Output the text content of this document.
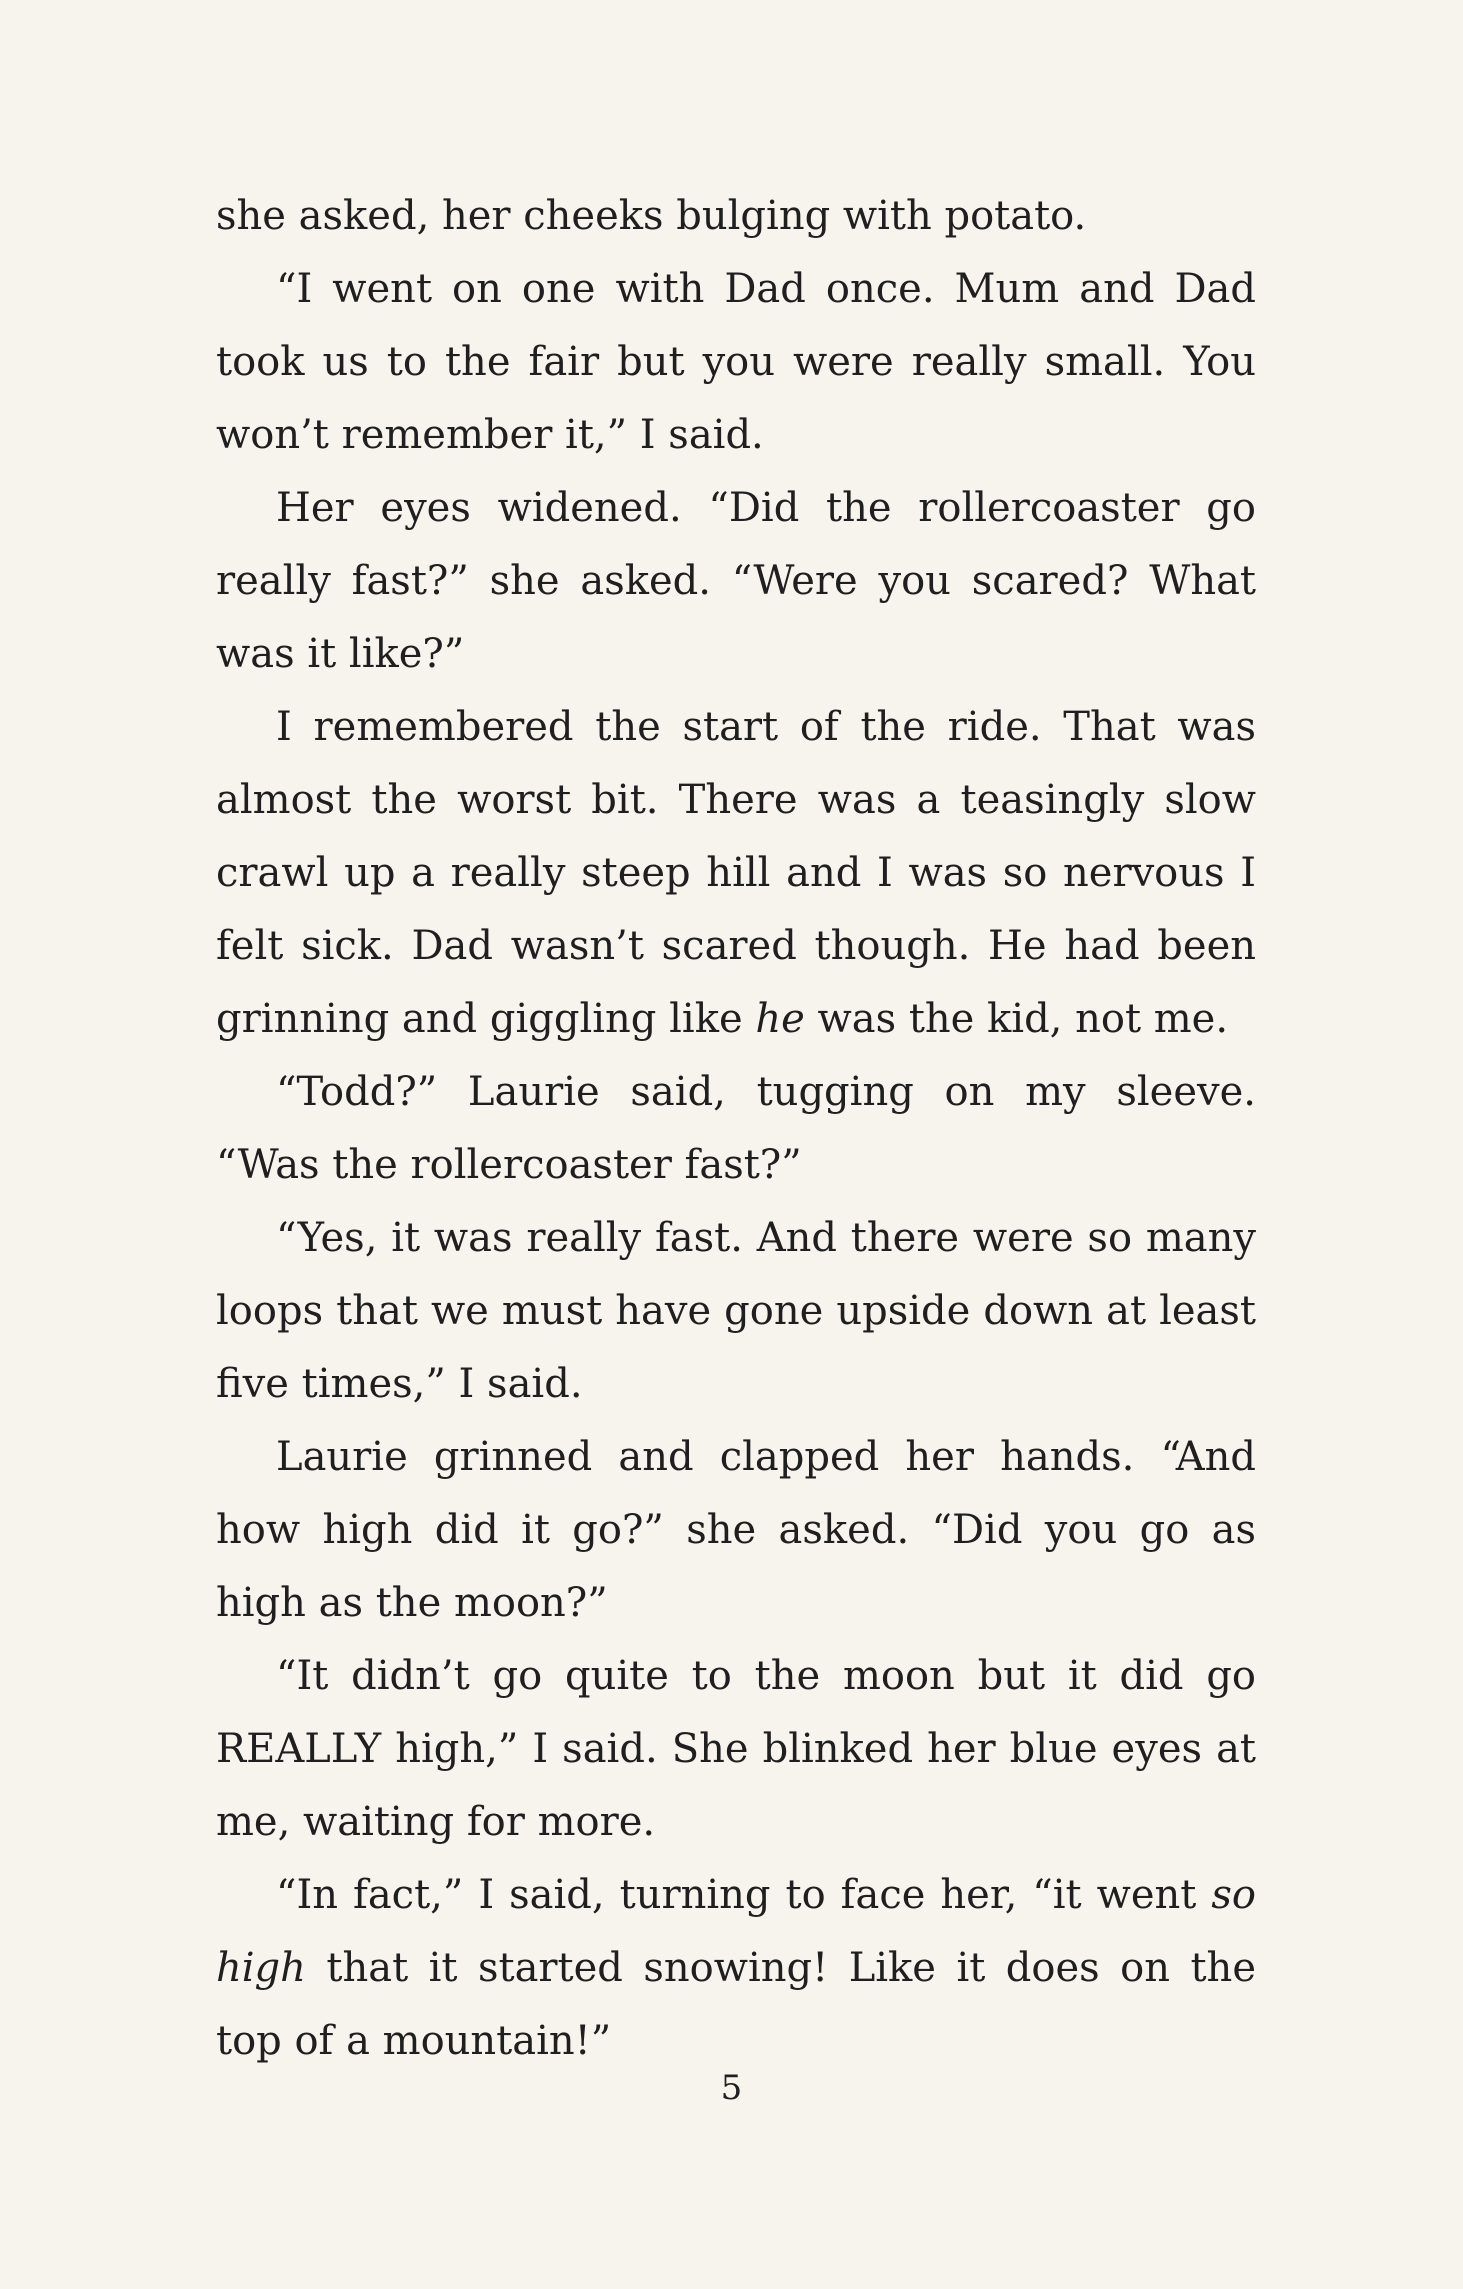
she asked, her cheeks bulging with potato.

“I went on one with Dad once. Mum and Dad took us to the fair but you were really small. You won’t remember it,” I said.

Her eyes widened. “Did the rollercoaster go really fast?” she asked. “Were you scared? What was it like?”

I remembered the start of the ride. That was almost the worst bit. There was a teasingly slow crawl up a really steep hill and I was so nervous I felt sick. Dad wasn’t scared though. He had been grinning and giggling like he was the kid, not me.

“Todd?” Laurie said, tugging on my sleeve. “Was the rollercoaster fast?”

“Yes, it was really fast. And there were so many loops that we must have gone upside down at least five times,” I said.

Laurie grinned and clapped her hands. “And how high did it go?” she asked. “Did you go as high as the moon?”

“It didn’t go quite to the moon but it did go REALLY high,” I said. She blinked her blue eyes at me, waiting for more.

“In fact,” I said, turning to face her, “it went so high that it started snowing! Like it does on the top of a mountain!”

5
